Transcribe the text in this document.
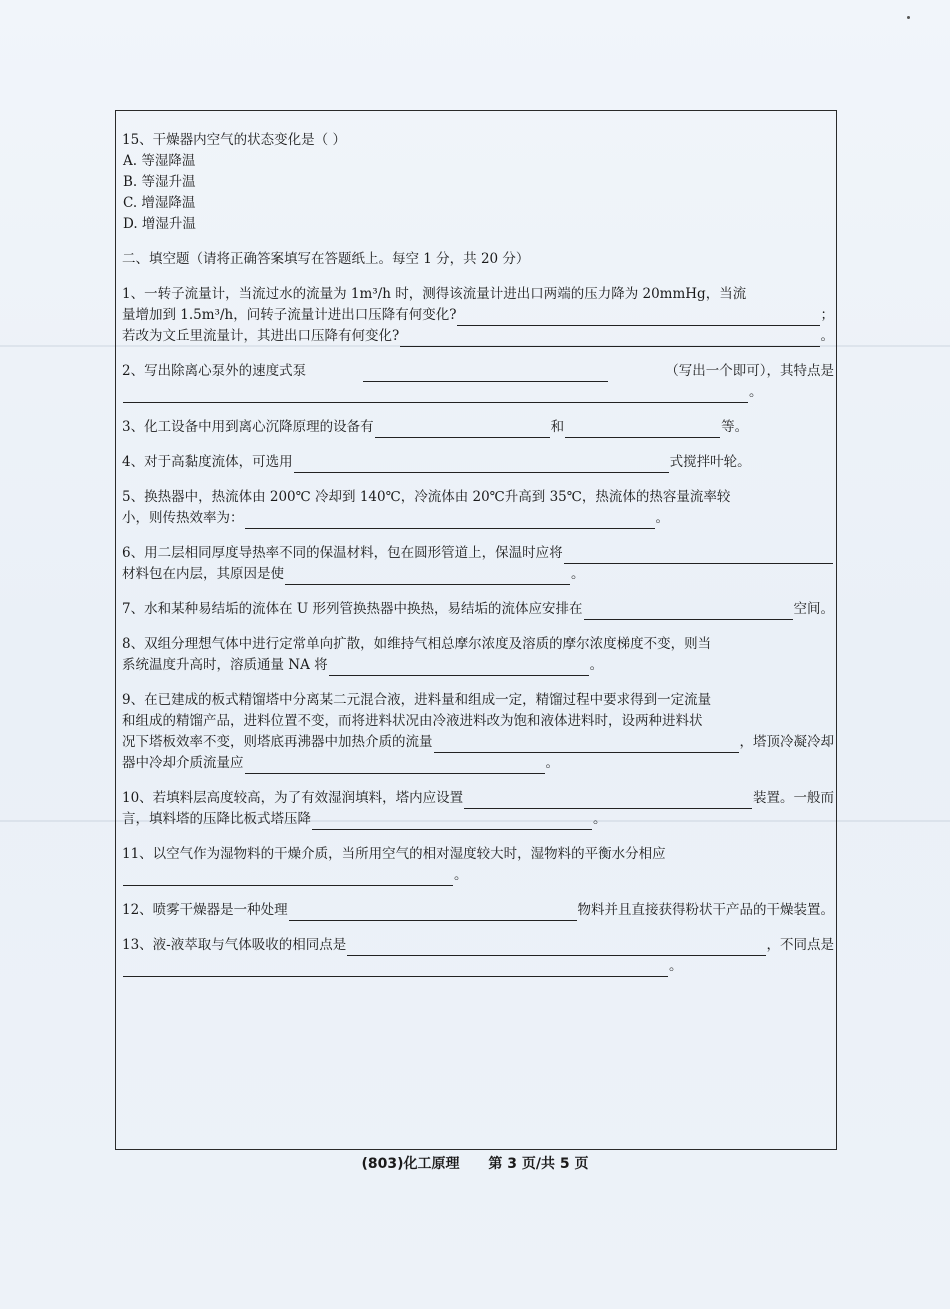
15、干燥器内空气的状态变化是（ ）
A. 等湿降温
B. 等湿升温
C. 增湿降温
D. 增湿升温
二、填空题（请将正确答案填写在答题纸上。每空 1 分，共 20 分）
1、一转子流量计，当流过水的流量为 1m³/h 时，测得该流量计进出口两端的压力降为 20mmHg，当流
量增加到 1.5m³/h，问转子流量计进出口压降有何变化?	；
若改为文丘里流量计，其进出口压降有何变化?	。
2、写出除离心泵外的速度式泵	（写出一个即可），其特点是
。
3、化工设备中用到离心沉降原理的设备有	和	等。
4、对于高黏度流体，可选用	式搅拌叶轮。
5、换热器中，热流体由 200℃ 冷却到 140℃，冷流体由 20℃升高到 35℃，热流体的热容量流率较
小，则传热效率为：	。
6、用二层相同厚度导热率不同的保温材料，包在圆形管道上，保温时应将
材料包在内层，其原因是使	。
7、水和某种易结垢的流体在 U 形列管换热器中换热，易结垢的流体应安排在	空间。
8、双组分理想气体中进行定常单向扩散，如维持气相总摩尔浓度及溶质的摩尔浓度梯度不变，则当
系统温度升高时，溶质通量 NA 将	。
9、在已建成的板式精馏塔中分离某二元混合液，进料量和组成一定，精馏过程中要求得到一定流量
和组成的精馏产品，进料位置不变，而将进料状况由冷液进料改为饱和液体进料时，设两种进料状
况下塔板效率不变，则塔底再沸器中加热介质的流量	，塔顶冷凝冷却
器中冷却介质流量应	。
10、若填料层高度较高，为了有效湿润填料，塔内应设置	装置。一般而
言，填料塔的压降比板式塔压降	。
11、以空气作为湿物料的干燥介质，当所用空气的相对湿度较大时，湿物料的平衡水分相应
。
12、喷雾干燥器是一种处理	物料并且直接获得粉状干产品的干燥装置。
13、液-液萃取与气体吸收的相同点是	，不同点是
。
(803)化工原理 第 3 页/共 5 页
